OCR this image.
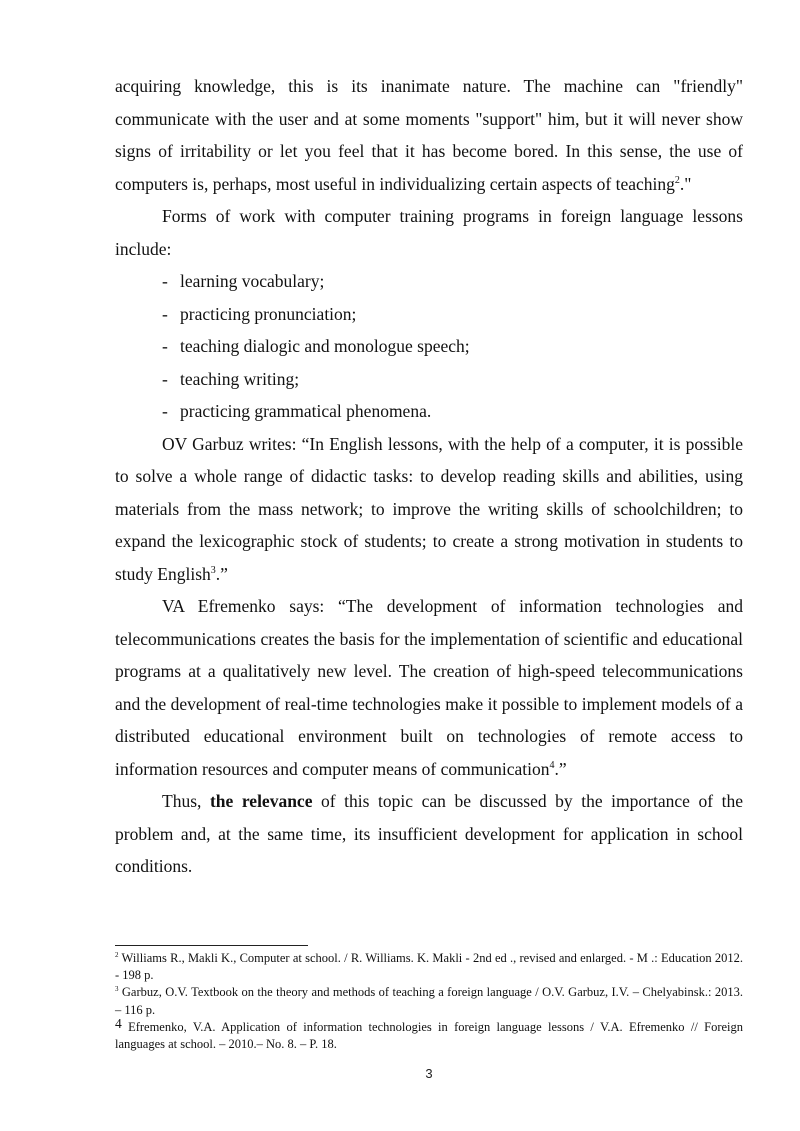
acquiring knowledge, this is its inanimate nature. The machine can "friendly" communicate with the user and at some moments "support" him, but it will never show signs of irritability or let you feel that it has become bored. In this sense, the use of computers is, perhaps, most useful in individualizing certain aspects of teaching$^2$."

Forms of work with computer training programs in foreign language lessons include:

- learning vocabulary;
- practicing pronunciation;
- teaching dialogic and monologue speech;
- teaching writing;
- practicing grammatical phenomena.

OV Garbuz writes: “In English lessons, with the help of a computer, it is possible to solve a whole range of didactic tasks: to develop reading skills and abilities, using materials from the mass network; to improve the writing skills of schoolchildren; to expand the lexicographic stock of students; to create a strong motivation in students to study English$^3$.”

VA Efremenko says: “The development of information technologies and telecommunications creates the basis for the implementation of scientific and educational programs at a qualitatively new level. The creation of high-speed telecommunications and the development of real-time technologies make it possible to implement models of a distributed educational environment built on technologies of remote access to information resources and computer means of communication$^4$.”

Thus, the relevance of this topic can be discussed by the importance of the problem and, at the same time, its insufficient development for application in school conditions.

$^2$ Williams R., Makli K., Computer at school. / R. Williams. K. Makli - 2nd ed ., revised and enlarged. - M .: Education 2012. - 198 p.

$^3$ Garbuz, O.V. Textbook on the theory and methods of teaching a foreign language / O.V. Garbuz, I.V. – Chelyabinsk.: 2013. – 116 p.

$^4$ Efremenko, V.A. Application of information technologies in foreign language lessons / V.A. Efremenko // Foreign languages at school. – 2010.– No. 8. – P. 18.

3
